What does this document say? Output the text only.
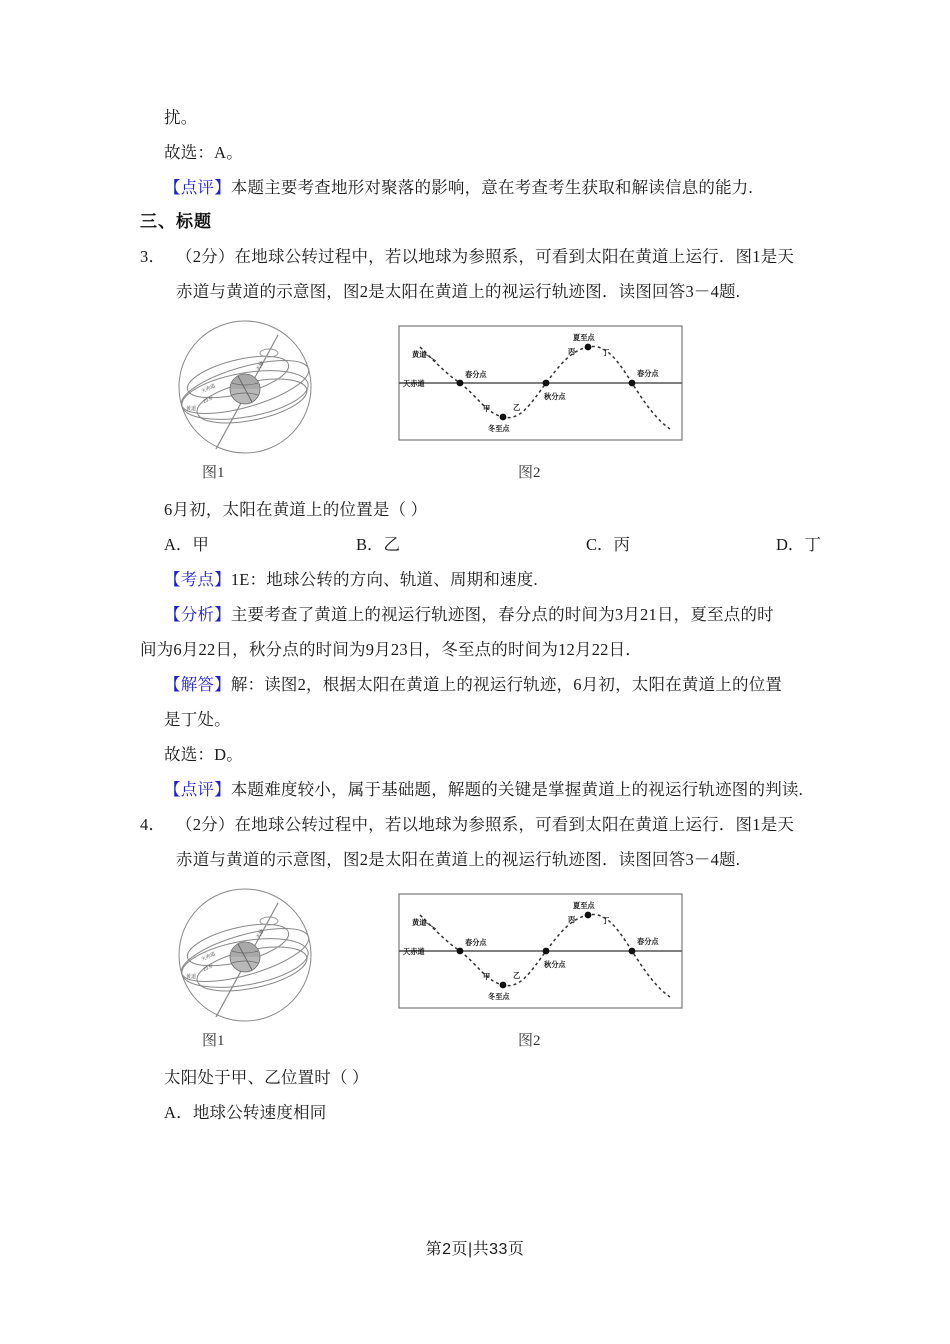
扰。
故选：A。
【点评】本题主要考查地形对聚落的影响，意在考查考生获取和解读信息的能力.
三、标题
3． （2分）在地球公转过程中，若以地球为参照系，可看到太阳在黄道上运行．图1是天
赤道与黄道的示意图，图2是太阳在黄道上的视运行轨迹图．读图回答3－4题.
天轴
天赤道
23.5°
黄道
黄道
天赤道
春分点
甲	乙
冬至点
秋分点
丙	丁
夏至点
春分点
图1	图2
6月初，太阳在黄道上的位置是（ ）
A．甲	B．乙	C．丙	D．丁
【考点】1E：地球公转的方向、轨道、周期和速度.
【分析】主要考查了黄道上的视运行轨迹图，春分点的时间为3月21日，夏至点的时
间为6月22日，秋分点的时间为9月23日，冬至点的时间为12月22日．
【解答】解：读图2，根据太阳在黄道上的视运行轨迹，6月初，太阳在黄道上的位置
是丁处。
故选：D。
【点评】本题难度较小，属于基础题，解题的关键是掌握黄道上的视运行轨迹图的判读.
4． （2分）在地球公转过程中，若以地球为参照系，可看到太阳在黄道上运行．图1是天
赤道与黄道的示意图，图2是太阳在黄道上的视运行轨迹图．读图回答3－4题.
天轴
天赤道
23.5°
黄道
黄道
天赤道
春分点
甲	乙
冬至点
秋分点
丙	丁
夏至点
春分点
图1	图2
太阳处于甲、乙位置时（ ）
A．地球公转速度相同
第2页|共33页
